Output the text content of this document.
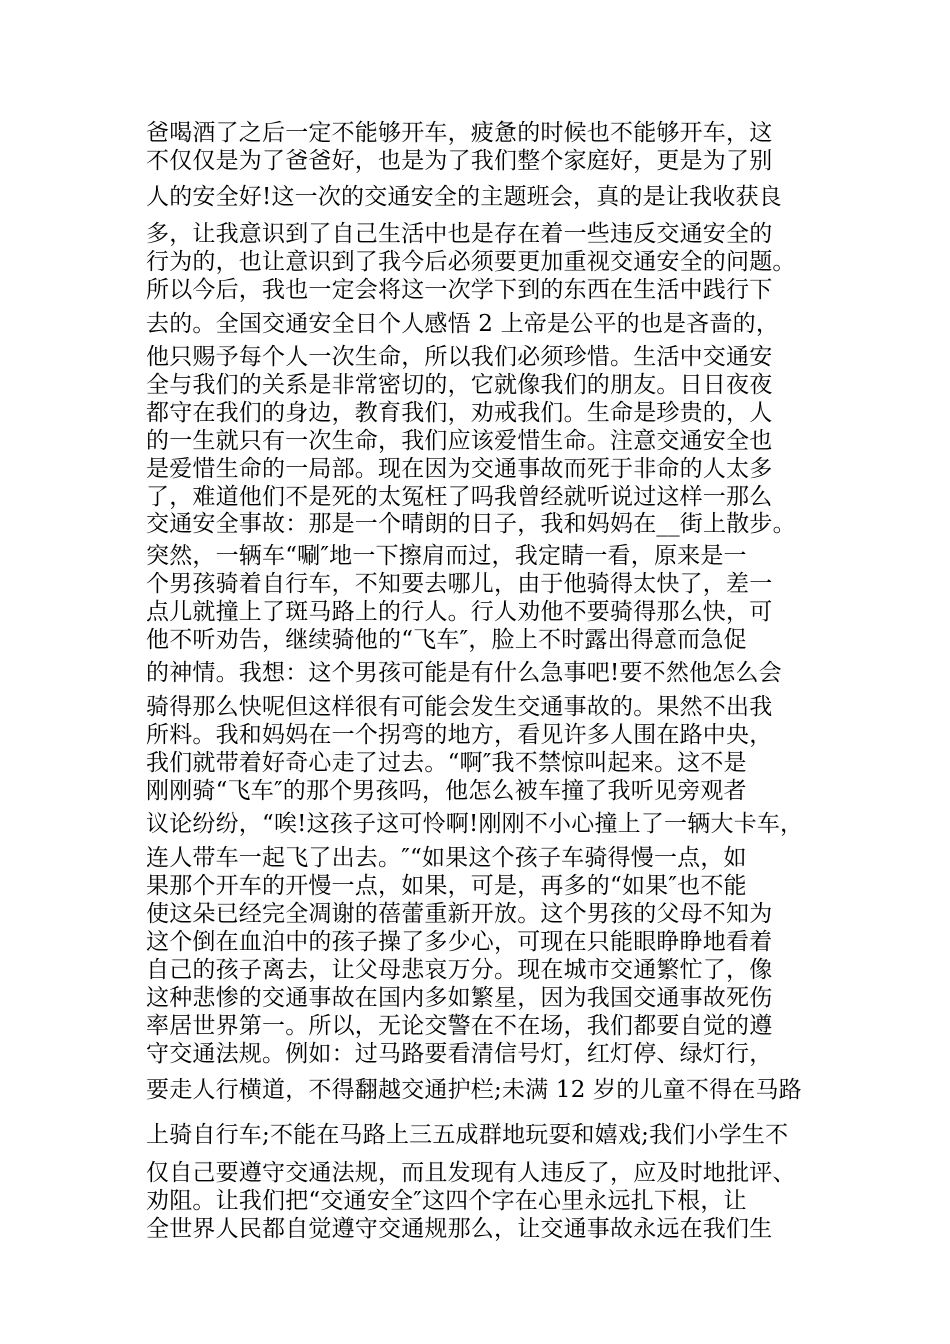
爸喝酒了之后一定不能够开车，疲惫的时候也不能够开车，这
不仅仅是为了爸爸好，也是为了我们整个家庭好，更是为了别
人的安全好!这一次的交通安全的主题班会，真的是让我收获良
多，让我意识到了自己生活中也是存在着一些违反交通安全的
行为的，也让意识到了我今后必须要更加重视交通安全的问题。
所以今后，我也一定会将这一次学下到的东西在生活中践行下
去的。全国交通安全日个人感悟 2 上帝是公平的也是吝啬的，
他只赐予每个人一次生命，所以我们必须珍惜。生活中交通安
全与我们的关系是非常密切的，它就像我们的朋友。日日夜夜
都守在我们的身边，教育我们，劝戒我们。生命是珍贵的，人
的一生就只有一次生命，我们应该爱惜生命。注意交通安全也
是爱惜生命的一局部。现在因为交通事故而死于非命的人太多
了，难道他们不是死的太冤枉了吗我曾经就听说过这样一那么
交通安全事故：那是一个晴朗的日子，我和妈妈在__街上散步。
突然，一辆车“唰″地一下擦肩而过，我定睛一看，原来是一
个男孩骑着自行车，不知要去哪儿，由于他骑得太快了，差一
点儿就撞上了斑马路上的行人。行人劝他不要骑得那么快，可
他不听劝告，继续骑他的“飞车″，脸上不时露出得意而急促
的神情。我想：这个男孩可能是有什么急事吧!要不然他怎么会
骑得那么快呢但这样很有可能会发生交通事故的。果然不出我
所料。我和妈妈在一个拐弯的地方，看见许多人围在路中央，
我们就带着好奇心走了过去。“啊″我不禁惊叫起来。这不是
刚刚骑“飞车″的那个男孩吗，他怎么被车撞了我听见旁观者
议论纷纷，“唉!这孩子这可怜啊!刚刚不小心撞上了一辆大卡车，
连人带车一起飞了出去。″“如果这个孩子车骑得慢一点，如
果那个开车的开慢一点，如果，可是，再多的“如果″也不能
使这朵已经完全凋谢的蓓蕾重新开放。这个男孩的父母不知为
这个倒在血泊中的孩子操了多少心，可现在只能眼睁睁地看着
自己的孩子离去，让父母悲哀万分。现在城市交通繁忙了，像
这种悲惨的交通事故在国内多如繁星，因为我国交通事故死伤
率居世界第一。所以，无论交警在不在场，我们都要自觉的遵
守交通法规。例如：过马路要看清信号灯，红灯停、绿灯行，
要走人行横道，不得翻越交通护栏;未满 12 岁的儿童不得在马路
上骑自行车;不能在马路上三五成群地玩耍和嬉戏;我们小学生不
仅自己要遵守交通法规，而且发现有人违反了，应及时地批评、
劝阻。让我们把“交通安全″这四个字在心里永远扎下根，让
全世界人民都自觉遵守交通规那么，让交通事故永远在我们生
